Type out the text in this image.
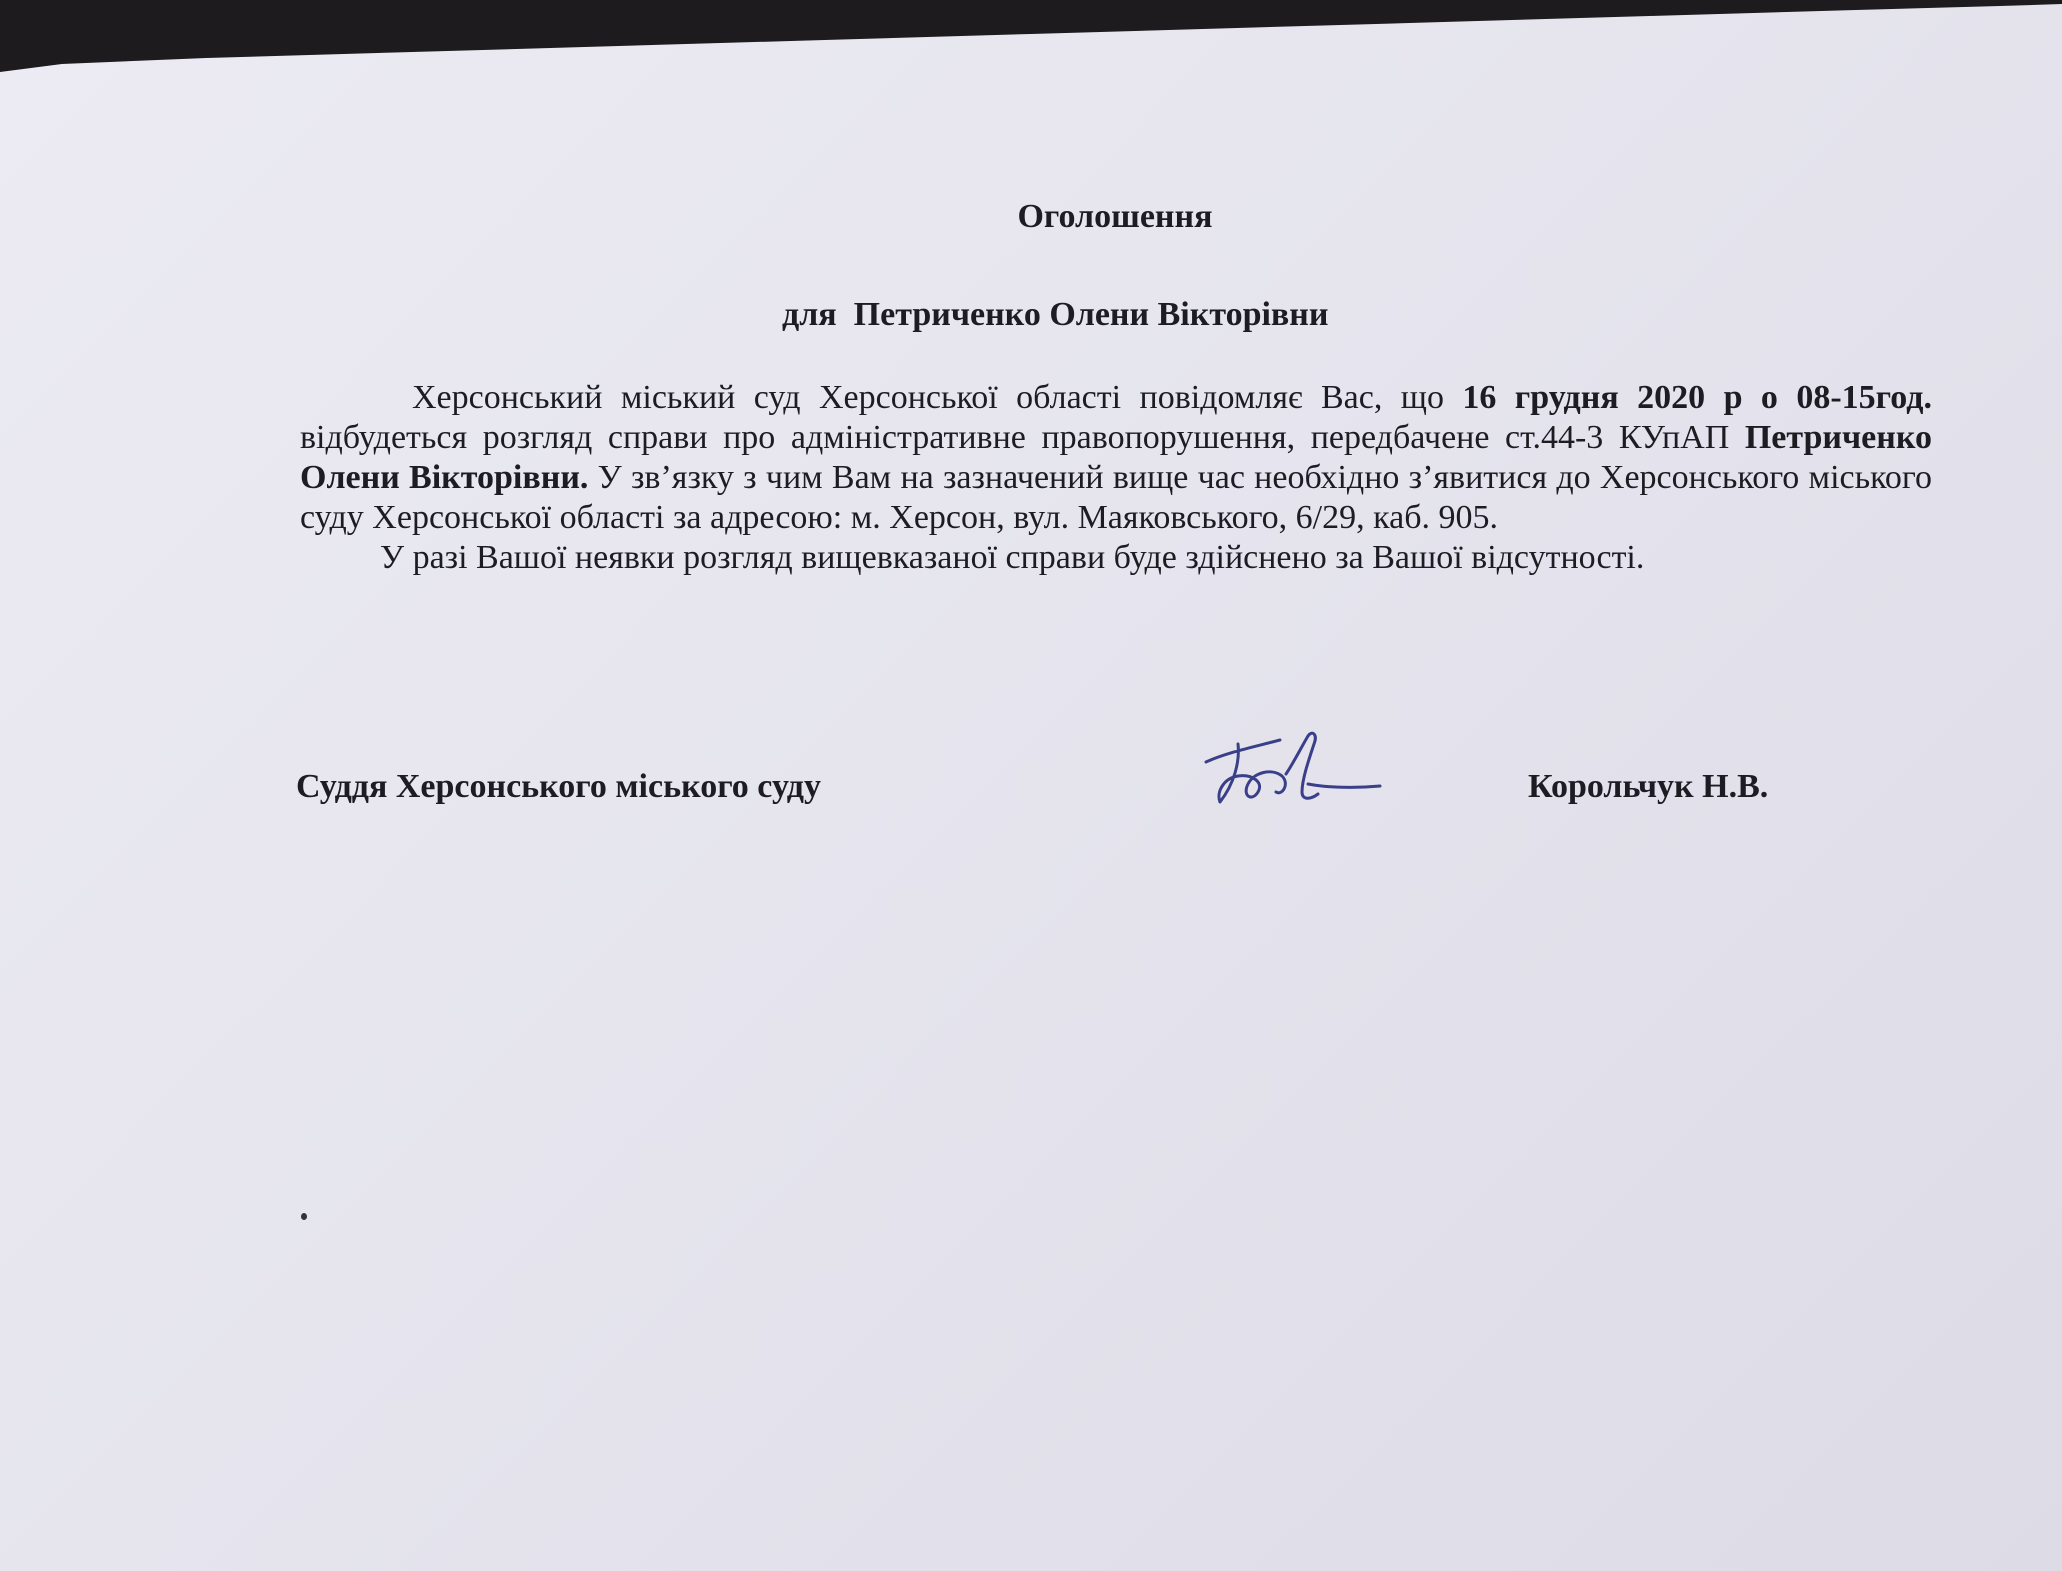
Оголошення
для Петриченко Олени Вікторівни

Херсонський міський суд Херсонської області повідомляє Вас, що 16 грудня 2020 р о 08-15год. відбудеться розгляд справи про адміністративне правопорушення, передбачене ст.44-3 КУпАП Петриченко Олени Вікторівни. У зв’язку з чим Вам на зазначений вище час необхідно з’явитися до Херсонського міського суду Херсонської області за адресою: м. Херсон, вул. Маяковського, 6/29, каб. 905.

У разі Вашої неявки розгляд вищевказаної справи буде здійснено за Вашої відсутності.

Суддя Херсонського міського суду	Корольчук Н.В.
